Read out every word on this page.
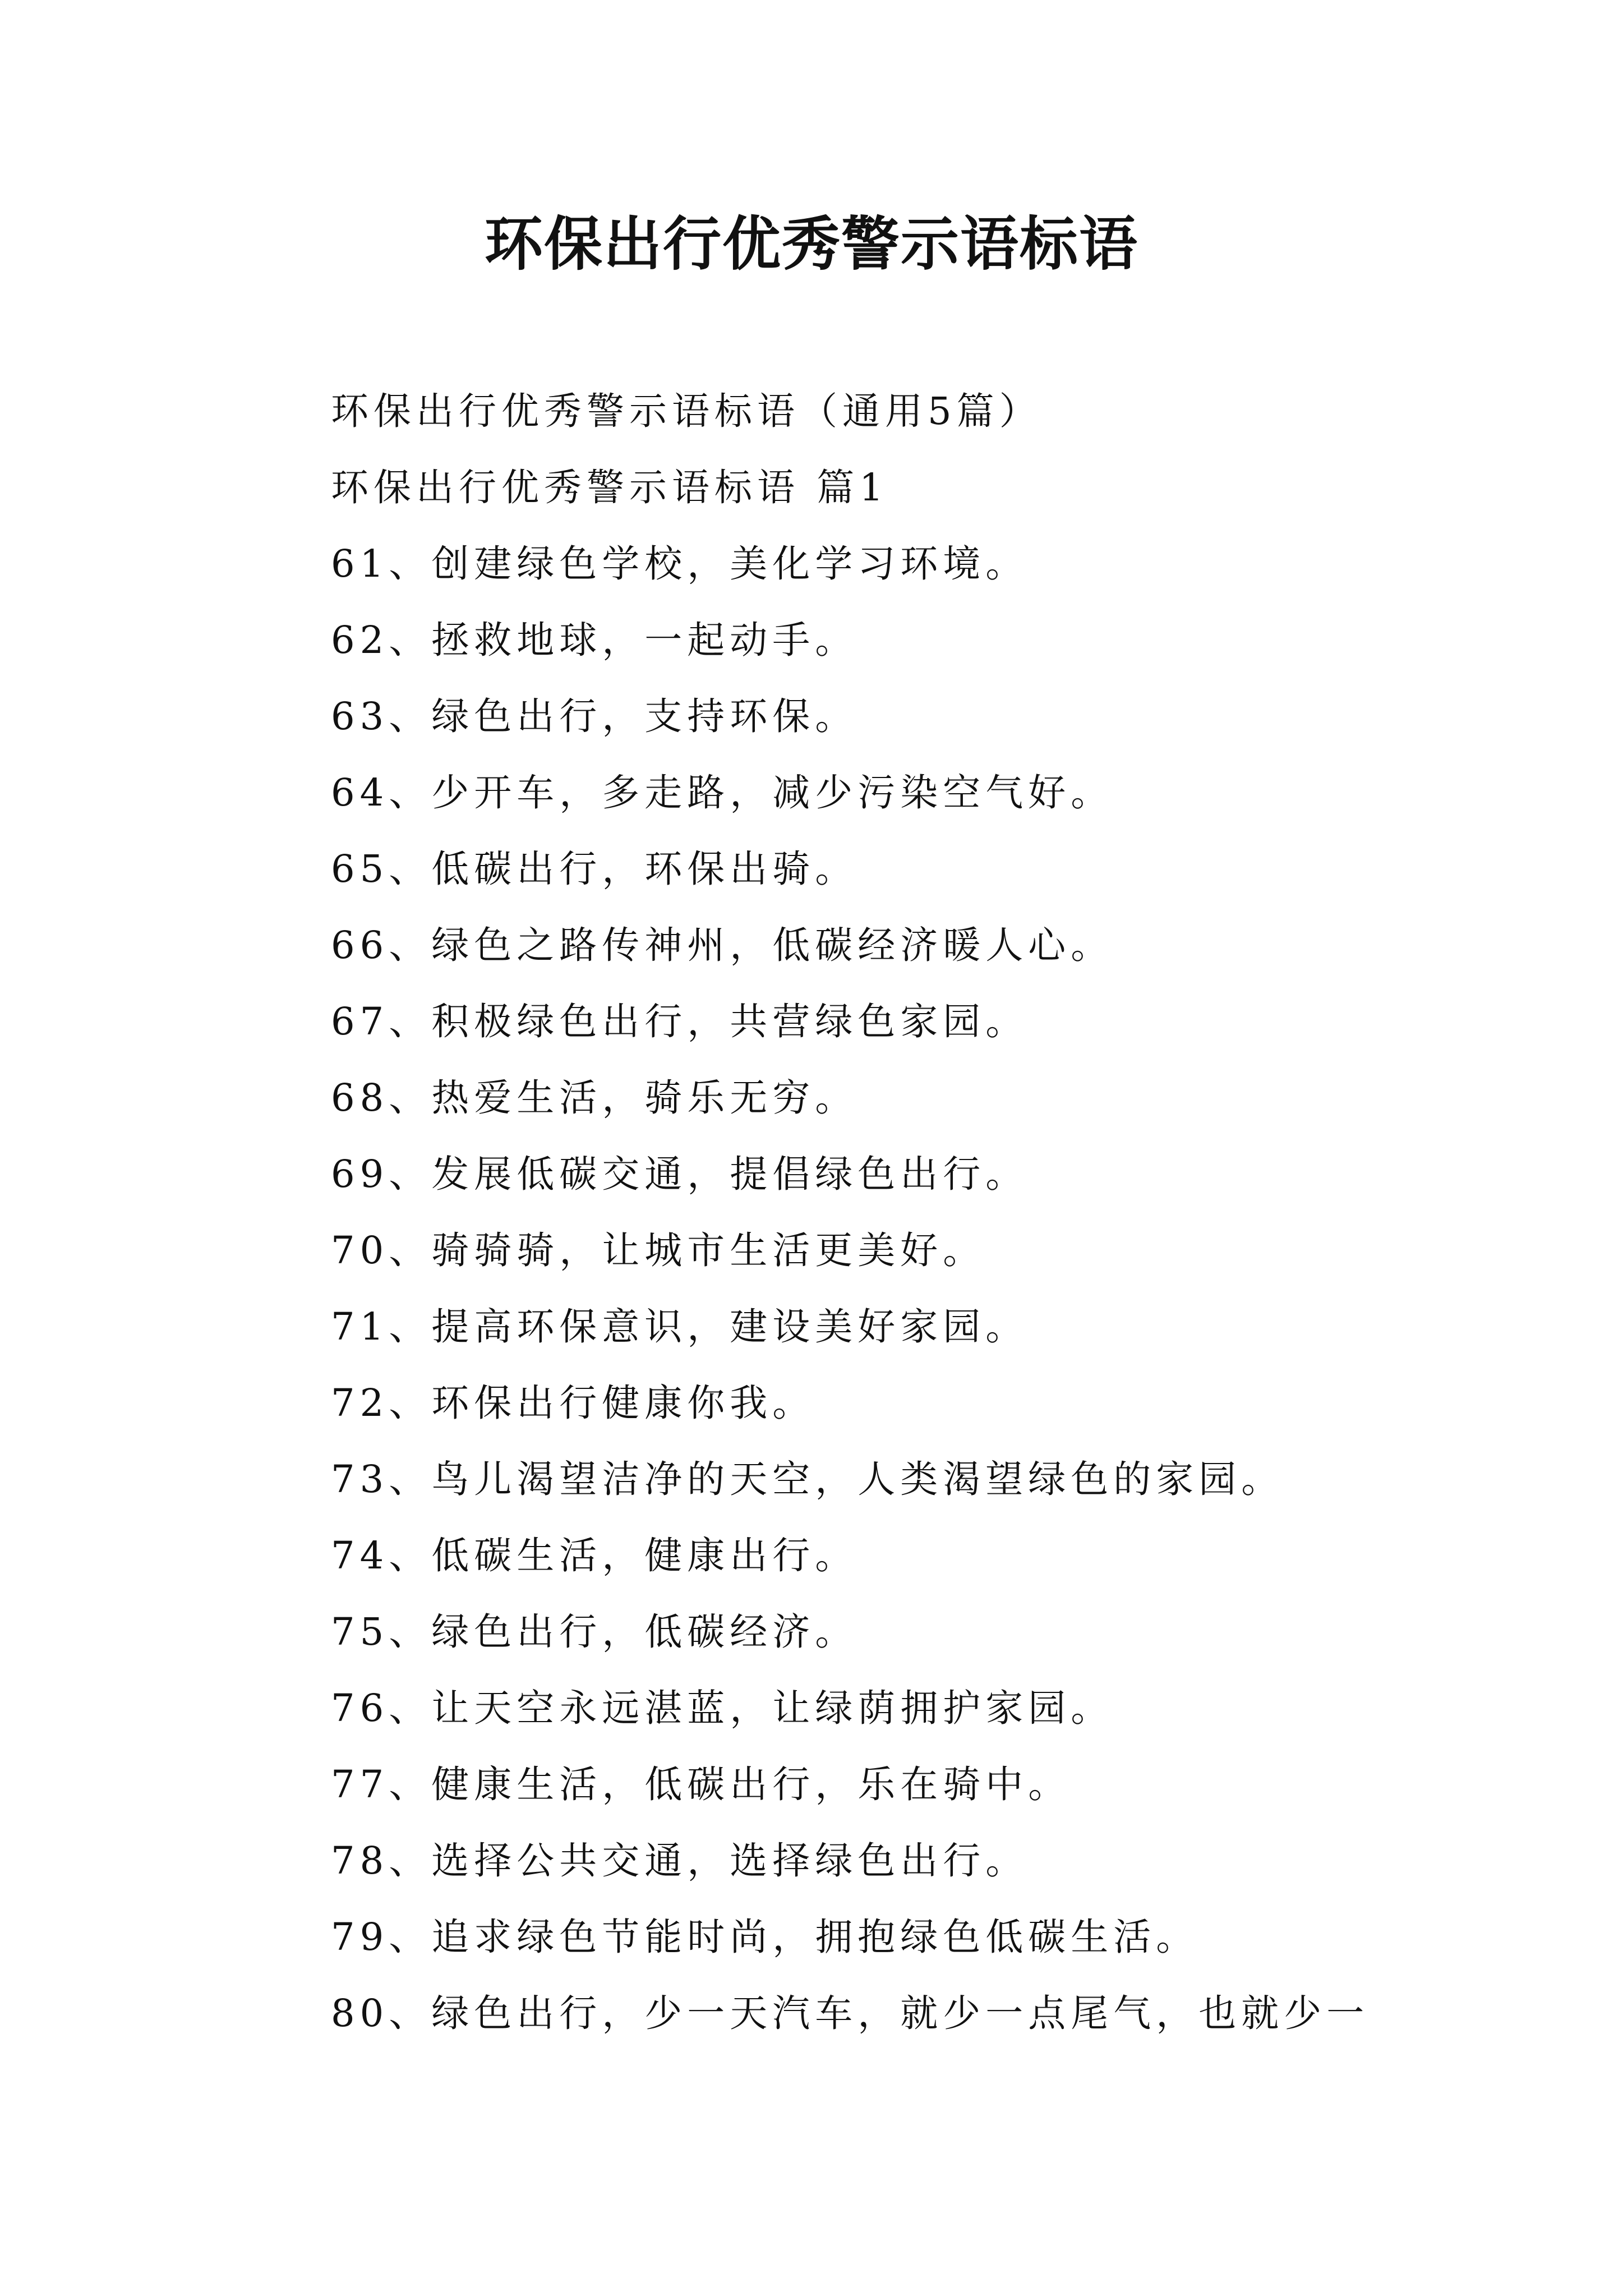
环保出行优秀警示语标语
环保出行优秀警示语标语（通用5篇）
环保出行优秀警示语标语 篇1
61、创建绿色学校，美化学习环境。
62、拯救地球，一起动手。
63、绿色出行，支持环保。
64、少开车，多走路，减少污染空气好。
65、低碳出行，环保出骑。
66、绿色之路传神州，低碳经济暖人心。
67、积极绿色出行，共营绿色家园。
68、热爱生活，骑乐无穷。
69、发展低碳交通，提倡绿色出行。
70、骑骑骑，让城市生活更美好。
71、提高环保意识，建设美好家园。
72、环保出行健康你我。
73、鸟儿渴望洁净的天空，人类渴望绿色的家园。
74、低碳生活，健康出行。
75、绿色出行，低碳经济。
76、让天空永远湛蓝，让绿荫拥护家园。
77、健康生活，低碳出行，乐在骑中。
78、选择公共交通，选择绿色出行。
79、追求绿色节能时尚，拥抱绿色低碳生活。
80、绿色出行，少一天汽车，就少一点尾气，也就少一
